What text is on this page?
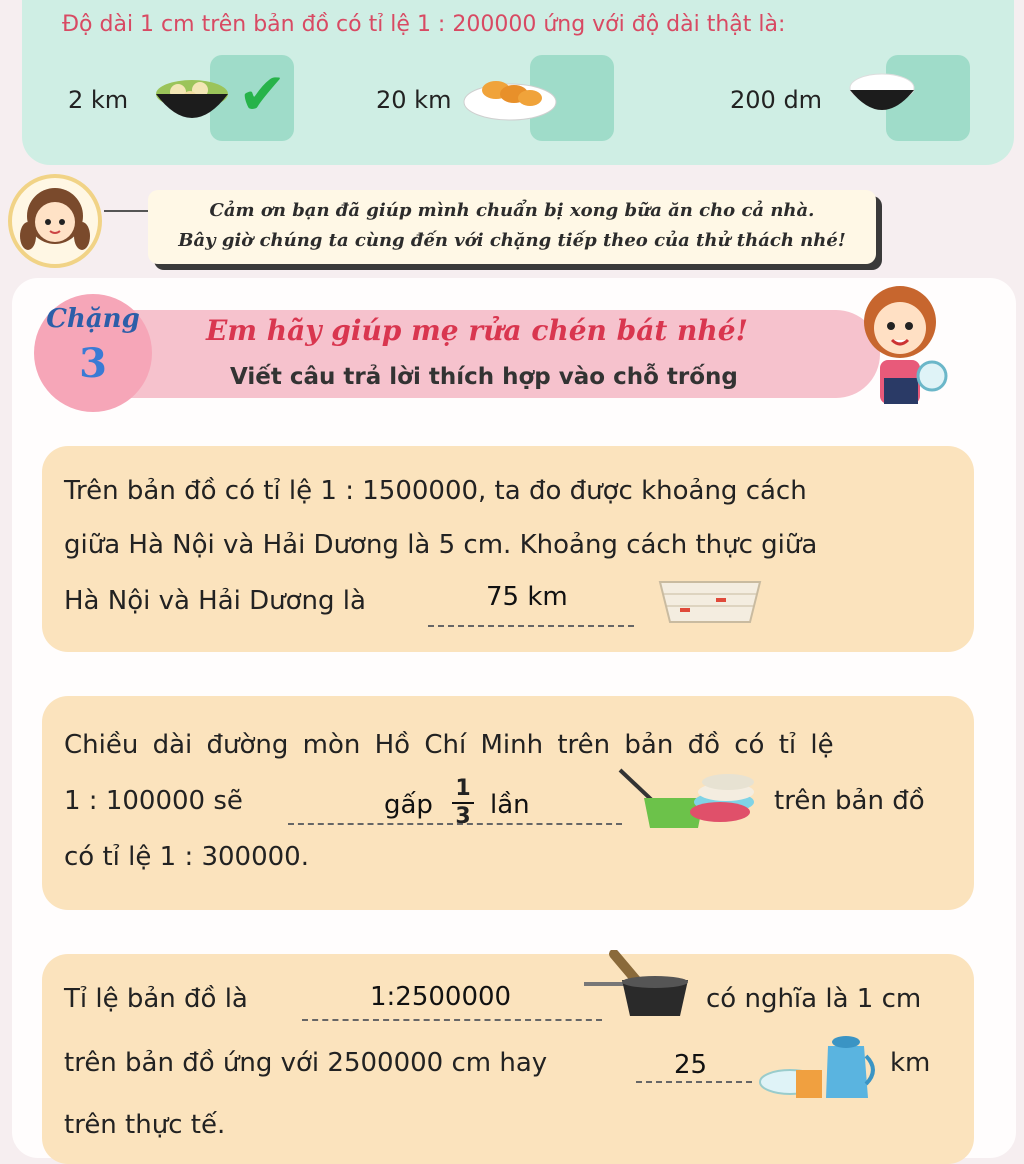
Độ dài 1 cm trên bản đồ có tỉ lệ 1 : 200000 ứng với độ dài thật là:
2 km ✔	20 km	200 dm
Cảm ơn bạn đã giúp mình chuẩn bị xong bữa ăn cho cả nhà.
Bây giờ chúng ta cùng đến với chặng tiếp theo của thử thách nhé!
Chặng
3
Em hãy giúp mẹ rửa chén bát nhé!
Viết câu trả lời thích hợp vào chỗ trống
Trên bản đồ có tỉ lệ 1 : 1500000, ta đo được khoảng cách
giữa Hà Nội và Hải Dương là 5 cm. Khoảng cách thực giữa
Hà Nội và Hải Dương là	75 km
Chiều dài đường mòn Hồ Chí Minh trên bản đồ có tỉ lệ
1 : 100000 sẽ	gấp $\frac{1}{3}$ lần	trên bản đồ
có tỉ lệ 1 : 300000.
Tỉ lệ bản đồ là	1:2500000	có nghĩa là 1 cm
trên bản đồ ứng với 2500000 cm hay	25	km
trên thực tế.
